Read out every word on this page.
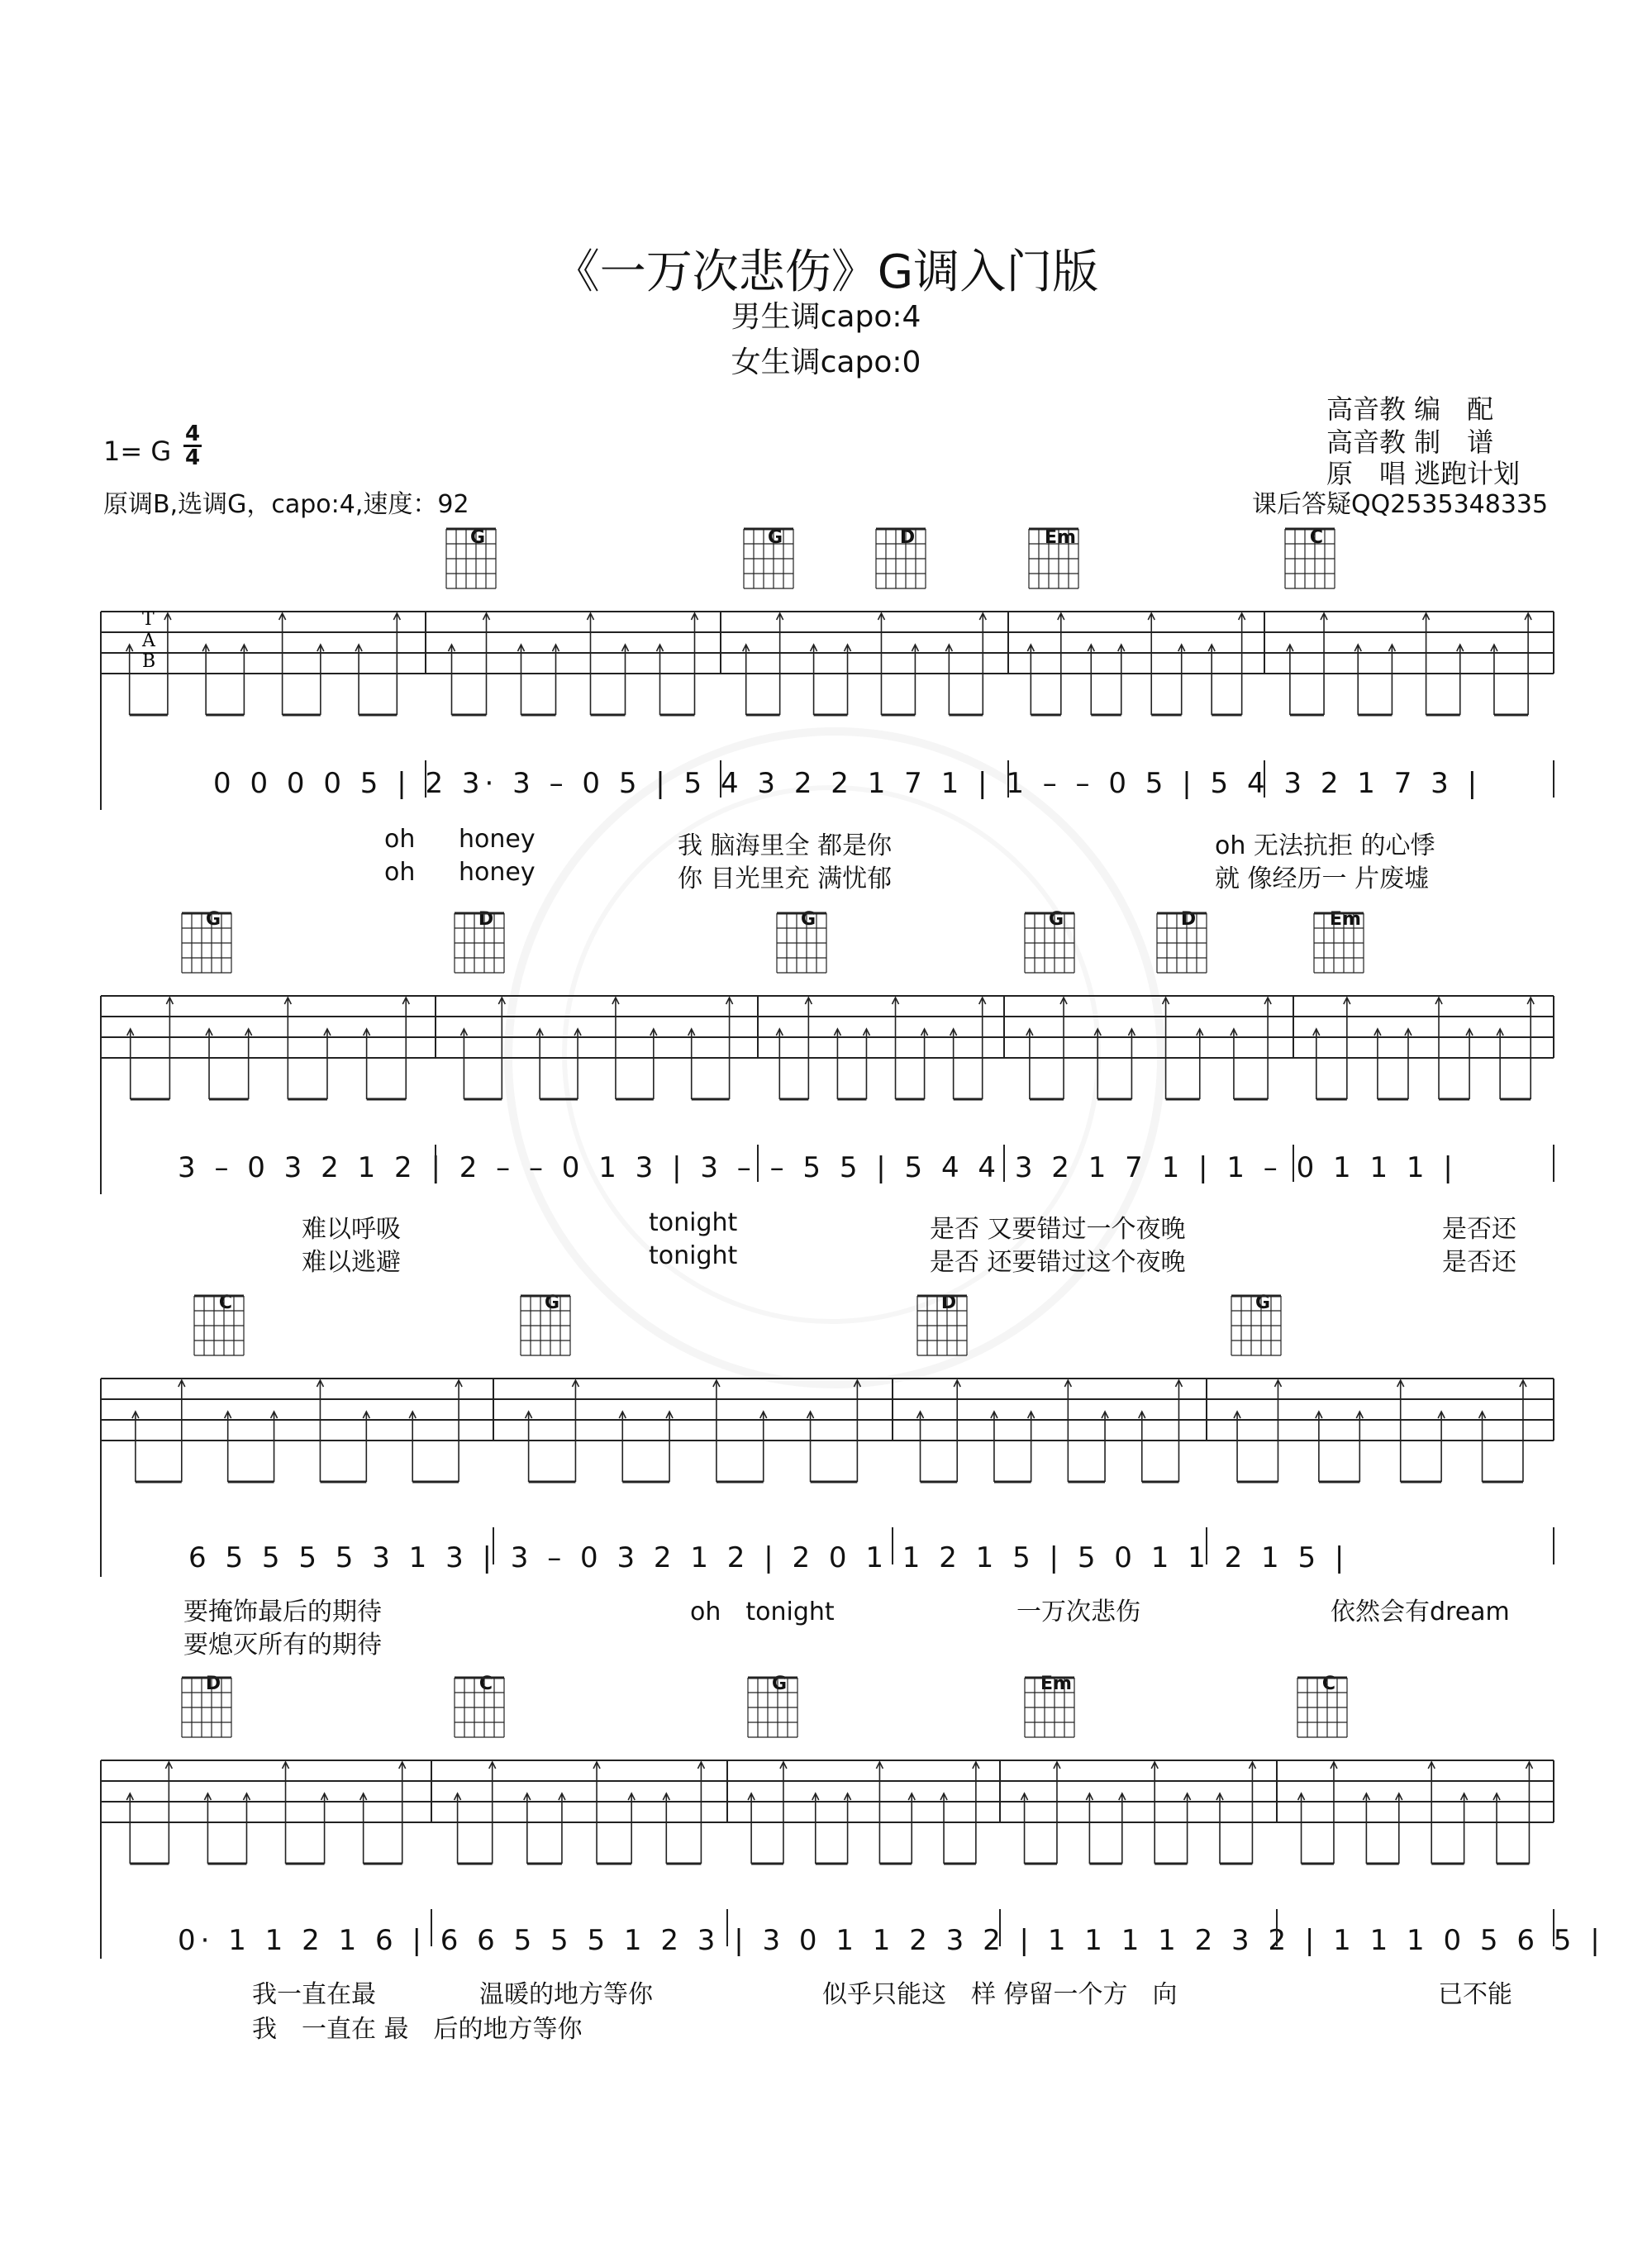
《一万次悲伤》G调入门版
男生调capo:4
女生调capo:0
高音教 编　配
高音教 制　谱
原　唱 逃跑计划
课后答疑QQ2535348335
1= G
4
4
原调B,选调G，capo:4,速度：92
G	G	D	Em	C
0 0 0 0 5 | 2 3· 3 – 0 5 | 5 4 3 2 2 1 7 1 | 1 – – 0 5 | 5 4 3 2 1 7 3 |
oh honey	我 脑海里全 都是你	oh 无法抗拒 的心悸
oh honey	你 目光里充 满忧郁	就 像经历一 片废墟
G	D	G	G	D	Em
3 – 0 3 2 1 2 | 2 – – 0 1 3 | 3 – – 5 5 | 5 4 4 3 2 1 7 1 | 1 – 0 1 1 1 |
难以呼吸	tonight	是否 又要错过一个夜晚	是否还
难以逃避	tonight	是否 还要错过这个夜晚	是否还
C	G	D	G
6 5 5 5 5 3 1 3 | 3 – 0 3 2 1 2 | 2 0 1 1 2 1 5 | 5 0 1 1 2 1 5 |
要掩饰最后的期待	oh　tonight	一万次悲伤	依然会有dream
要熄灭所有的期待
D	C	G	Em	C
0· 1 1 2 1 6 | 6 6 5 5 5 1 2 3 | 3 0 1 1 2 3 2 | 1 1 1 1 2 3 2 | 1 1 1 0 5 6 5 |
我一直在最	温暖的地方等你	似乎只能这　样 停留一个方　向	已不能
我　一直在 最　后的地方等你
T
A
B
